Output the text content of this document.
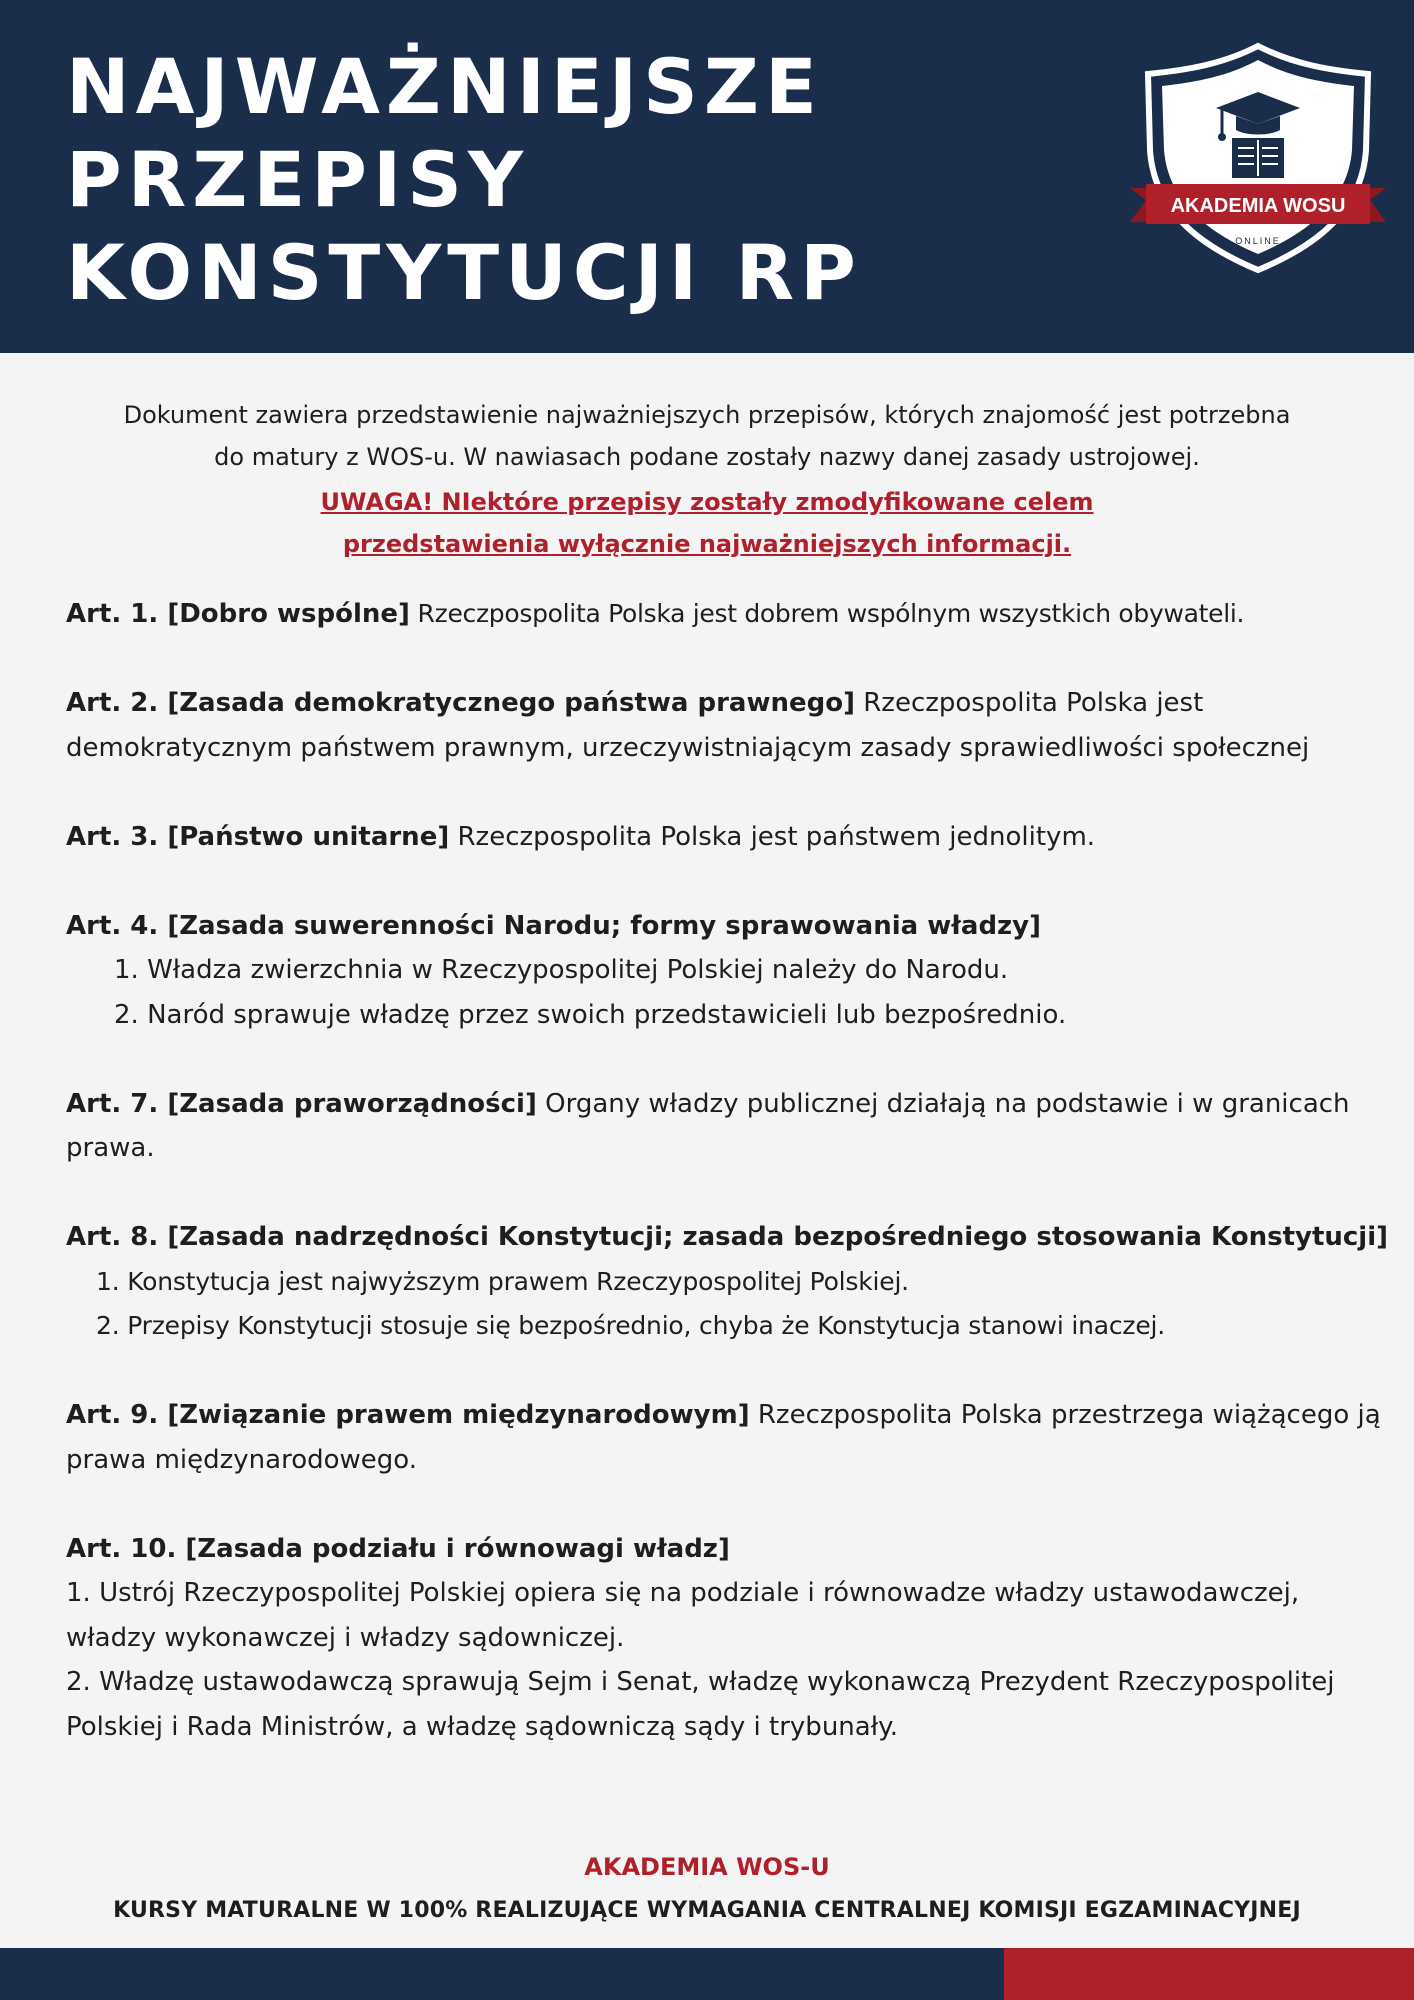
NAJWAŻNIEJSZE
PRZEPISY
KONSTYTUCJI RP
AKADEMIA WOSU
ONLINE

Dokument zawiera przedstawienie najważniejszych przepisów, których znajomość jest potrzebna

do matury z WOS-u. W nawiasach podane zostały nazwy danej zasady ustrojowej.

UWAGA! NIektóre przepisy zostały zmodyfikowane celem

przedstawienia wyłącznie najważniejszych informacji.

Art. 1. [Dobro wspólne] Rzeczpospolita Polska jest dobrem wspólnym wszystkich obywateli.

Art. 2. [Zasada demokratycznego państwa prawnego] Rzeczpospolita Polska jest demokratycznym państwem prawnym, urzeczywistniającym zasady sprawiedliwości społecznej

Art. 3. [Państwo unitarne] Rzeczpospolita Polska jest państwem jednolitym.

Art. 4. [Zasada suwerenności Narodu; formy sprawowania władzy]

1. Władza zwierzchnia w Rzeczypospolitej Polskiej należy do Narodu.

2. Naród sprawuje władzę przez swoich przedstawicieli lub bezpośrednio.

Art. 7. [Zasada praworządności] Organy władzy publicznej działają na podstawie i w granicach prawa.

Art. 8. [Zasada nadrzędności Konstytucji; zasada bezpośredniego stosowania Konstytucji]

1. Konstytucja jest najwyższym prawem Rzeczypospolitej Polskiej.

2. Przepisy Konstytucji stosuje się bezpośrednio, chyba że Konstytucja stanowi inaczej.

Art. 9. [Związanie prawem międzynarodowym] Rzeczpospolita Polska przestrzega wiążącego ją prawa międzynarodowego.

Art. 10. [Zasada podziału i równowagi władz]

1. Ustrój Rzeczypospolitej Polskiej opiera się na podziale i równowadze władzy ustawodawczej, władzy wykonawczej i władzy sądowniczej.

2. Władzę ustawodawczą sprawują Sejm i Senat, władzę wykonawczą Prezydent Rzeczypospolitej Polskiej i Rada Ministrów, a władzę sądowniczą sądy i trybunały.

AKADEMIA WOS-U
KURSY MATURALNE W 100% REALIZUJĄCE WYMAGANIA CENTRALNEJ KOMISJI EGZAMINACYJNEJ
